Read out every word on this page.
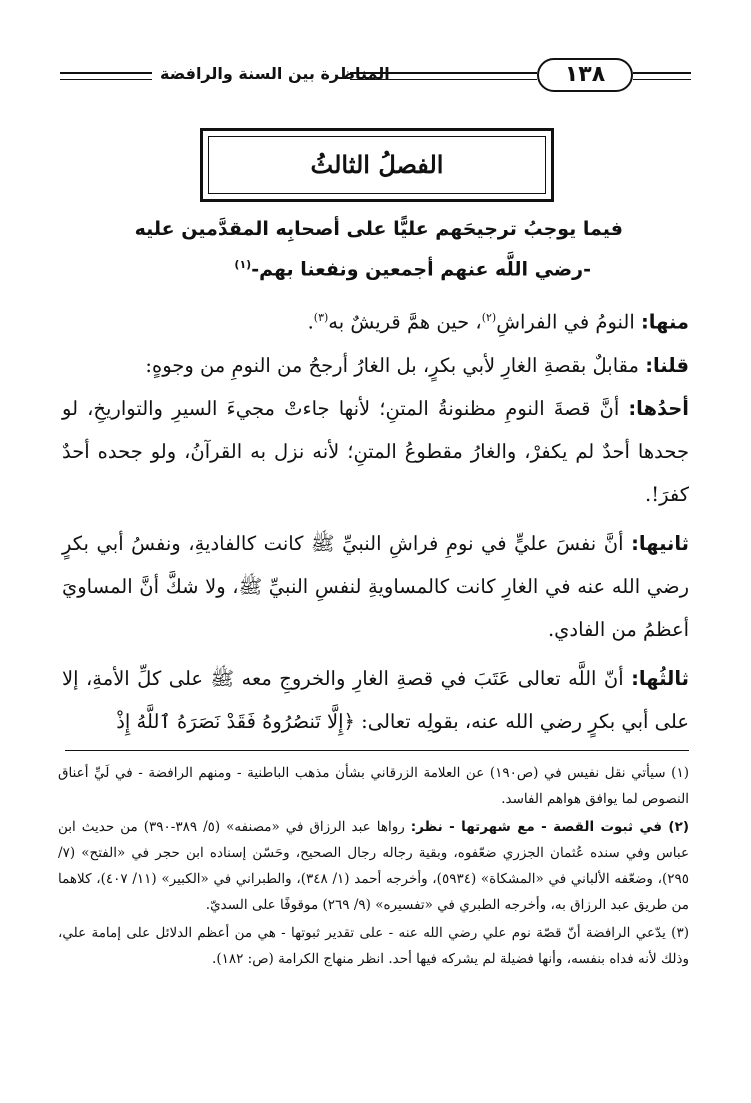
١٣٨
المناظرة بين السنة والرافضة
الفصلُ الثالثُ
فيما يوجبُ ترجيحَهم عليًّا على أصحابِه المقدَّمين عليه
-رضي اللَّه عنهم أجمعين ونفعنا بهم-$^{(١)}$

منها: النومُ في الفراشِ$^{(٢)}$، حين همَّ قريشٌ به$^{(٣)}$.

قلنا: مقابلٌ بقصةِ الغارِ لأبي بكرٍ، بل الغارُ أرجحُ من النومِ من وجوهٍ:

أحدُها: أنَّ قصةَ النومِ مظنونةُ المتنِ؛ لأنها جاءتْ مجيءَ السيرِ والتواريخِ، لو جحدها أحدٌ لم يكفرْ، والغارُ مقطوعُ المتنِ؛ لأنه نزل به القرآنُ، ولو جحده أحدٌ كفرَ!.

ثانيها: أنَّ نفسَ عليٍّ في نومِ فراشِ النبيِّ ﷺ كانت كالفاديةِ، ونفسُ أبي بكرٍ رضي الله عنه في الغارِ كانت كالمساويةِ لنفسِ النبيِّ ﷺ، ولا شكَّ أنَّ المساويَ أعظمُ من الفادي.

ثالثُها: أنّ اللَّه تعالى عَتَبَ في قصةِ الغارِ والخروجِ معه ﷺ على كلِّ الأمةِ، إلا على أبي بكرٍ رضي الله عنه، بقولِه تعالى: ﴿إِلَّا تَنصُرُوهُ فَقَدْ نَصَرَهُ ٱللَّهُ إِذْ

(١) سيأتي نقل نفيس في (ص١٩٠) عن العلامة الزرقاني بشأن مذهب الباطنية - ومنهم الرافضة - في لَيِّ أعناق النصوص لما يوافق هواهم الفاسد.

(٢) في ثبوت القصة - مع شهرتها - نظر: رواها عبد الرزاق في «مصنفه» (٥/ ٣٨٩-٣٩٠) من حديث ابن عباس وفي سنده عُثمان الجزري ضعّفوه، وبقية رجاله رجال الصحيح، وحَسّن إسناده ابن حجر في «الفتح» (٧/ ٢٩٥)، وضعّفه الألباني في «المشكاة» (٥٩٣٤)، وأخرجه أحمد (١/ ٣٤٨)، والطبراني في «الكبير» (١١/ ٤٠٧)، كلاهما من طريق عبد الرزاق به، وأخرجه الطبري في «تفسيره» (٩/ ٢٦٩) موقوفًا على السديّ.

(٣) يدّعي الرافضة أنّ قصّة نوم علي رضي الله عنه - على تقدير ثبوتها - هي من أعظم الدلائل على إمامة علي، وذلك لأنه فداه بنفسه، وأنها فضيلة لم يشركه فيها أحد. انظر منهاج الكرامة (ص: ١٨٢).
